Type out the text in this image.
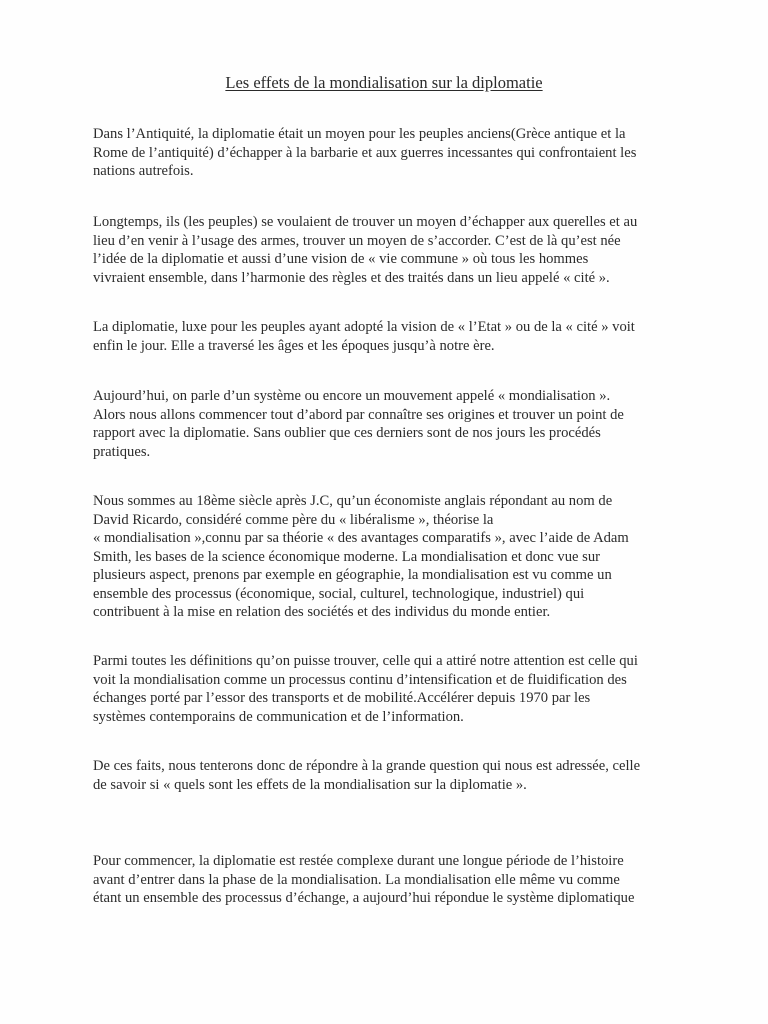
Les effets de la mondialisation sur la diplomatie

Dans l’Antiquité, la diplomatie était un moyen pour les peuples anciens(Grèce antique et la
Rome de l’antiquité) d’échapper à la barbarie et aux guerres incessantes qui confrontaient les
nations autrefois.

Longtemps, ils (les peuples) se voulaient de trouver un moyen d’échapper aux querelles et au
lieu d’en venir à l’usage des armes, trouver un moyen de s’accorder. C’est de là qu’est née
l’idée de la diplomatie et aussi d’une vision de « vie commune » où tous les hommes
vivraient ensemble, dans l’harmonie des règles et des traités dans un lieu appelé « cité ».

La diplomatie, luxe pour les peuples ayant adopté la vision de « l’Etat » ou de la « cité » voit
enfin le jour. Elle a traversé les âges et les époques jusqu’à notre ère.

Aujourd’hui, on parle d’un système ou encore un mouvement appelé « mondialisation ».
Alors nous allons commencer tout d’abord par connaître ses origines et trouver un point de
rapport avec la diplomatie. Sans oublier que ces derniers sont de nos jours les procédés
pratiques.

Nous sommes au 18ème siècle après J.C, qu’un économiste anglais répondant au nom de
David Ricardo, considéré comme père du « libéralisme », théorise la
« mondialisation »,connu par sa théorie « des avantages comparatifs », avec l’aide de Adam
Smith, les bases de la science économique moderne. La mondialisation et donc vue sur
plusieurs aspect, prenons par exemple en géographie, la mondialisation est vu comme un
ensemble des processus (économique, social, culturel, technologique, industriel) qui
contribuent à la mise en relation des sociétés et des individus du monde entier.

Parmi toutes les définitions qu’on puisse trouver, celle qui a attiré notre attention est celle qui
voit la mondialisation comme un processus continu d’intensification et de fluidification des
échanges porté par l’essor des transports et de mobilité.Accélérer depuis 1970 par les
systèmes contemporains de communication et de l’information.

De ces faits, nous tenterons donc de répondre à la grande question qui nous est adressée, celle
de savoir si « quels sont les effets de la mondialisation sur la diplomatie ».

Pour commencer, la diplomatie est restée complexe durant une longue période de l’histoire
avant d’entrer dans la phase de la mondialisation. La mondialisation elle même vu comme
étant un ensemble des processus d’échange, a aujourd’hui répondue le système diplomatique
